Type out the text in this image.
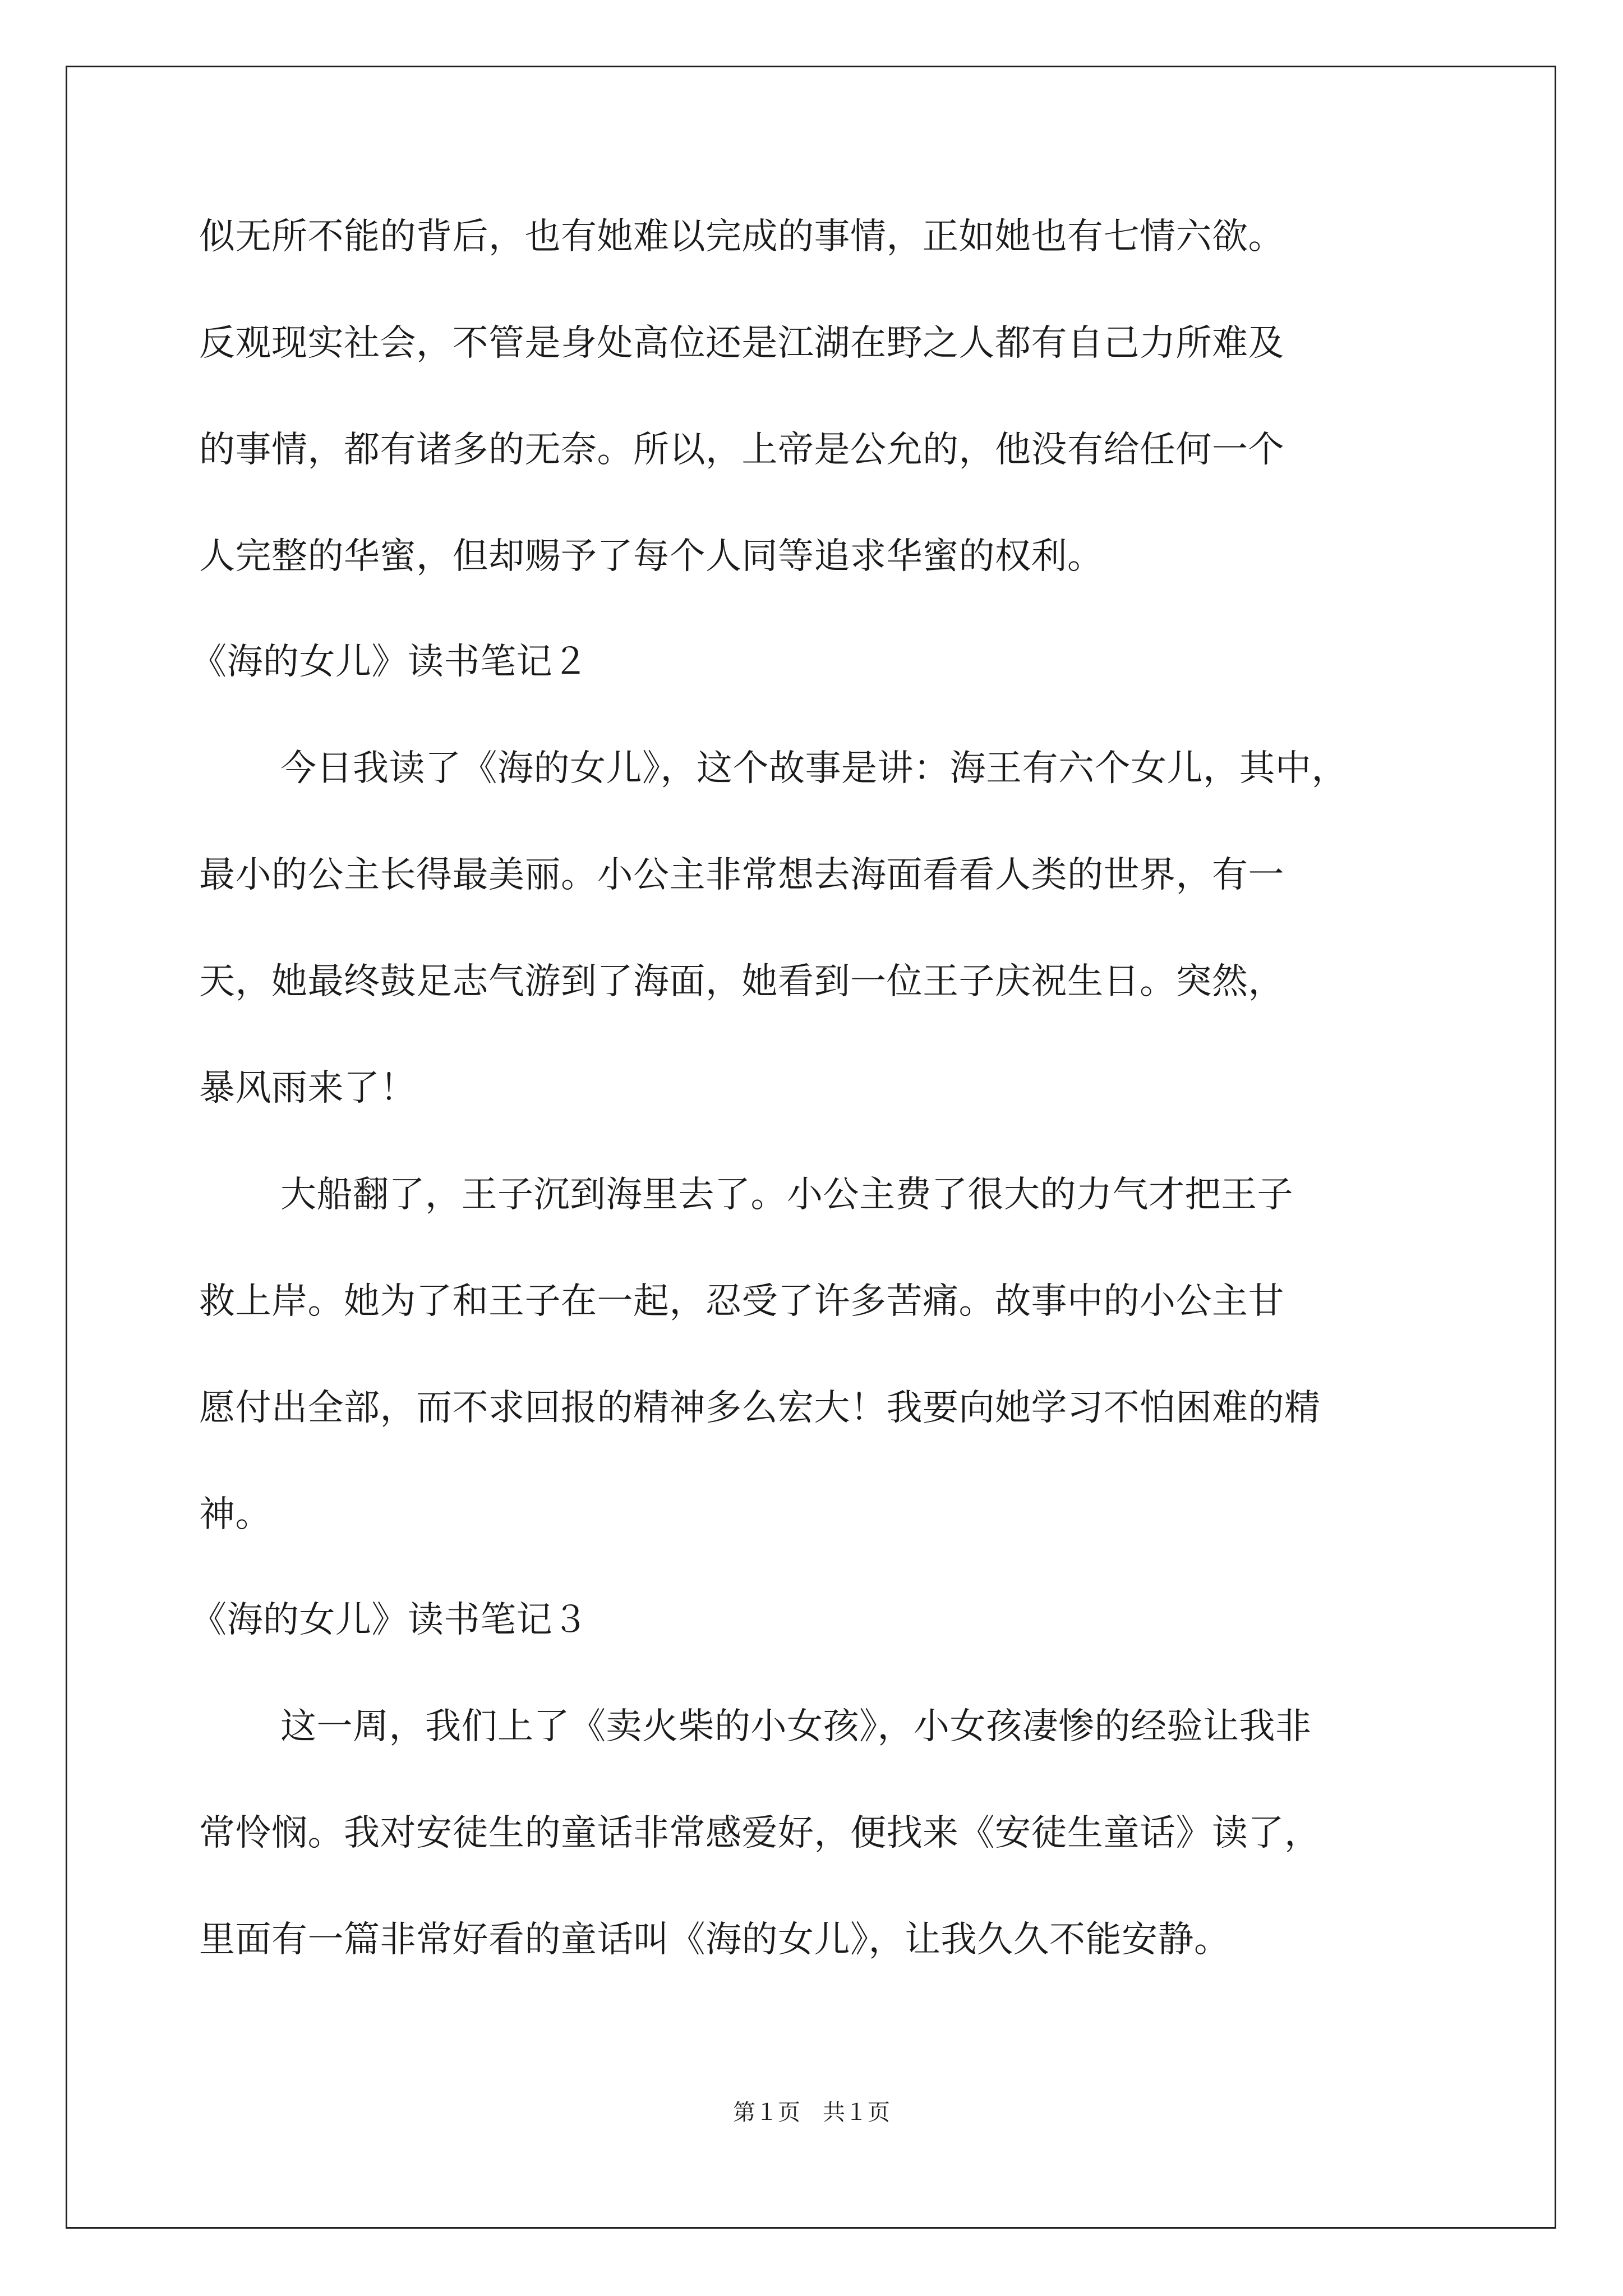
似无所不能的背后，也有她难以完成的事情，正如她也有七情六欲。
反观现实社会，不管是身处高位还是江湖在野之人都有自己力所难及
的事情，都有诸多的无奈。所以，上帝是公允的，他没有给任何一个
人完整的华蜜，但却赐予了每个人同等追求华蜜的权利。
《海的女儿》读书笔记２
今日我读了《海的女儿》，这个故事是讲：海王有六个女儿，其中，
最小的公主长得最美丽。小公主非常想去海面看看人类的世界，有一
天，她最终鼓足志气游到了海面，她看到一位王子庆祝生日。突然，
暴风雨来了！
大船翻了，王子沉到海里去了。小公主费了很大的力气才把王子
救上岸。她为了和王子在一起，忍受了许多苦痛。故事中的小公主甘
愿付出全部，而不求回报的精神多么宏大！我要向她学习不怕困难的精
神。
《海的女儿》读书笔记３
这一周，我们上了《卖火柴的小女孩》，小女孩凄惨的经验让我非
常怜悯。我对安徒生的童话非常感爱好，便找来《安徒生童话》读了，
里面有一篇非常好看的童话叫《海的女儿》，让我久久不能安静。
第１页　共１页
